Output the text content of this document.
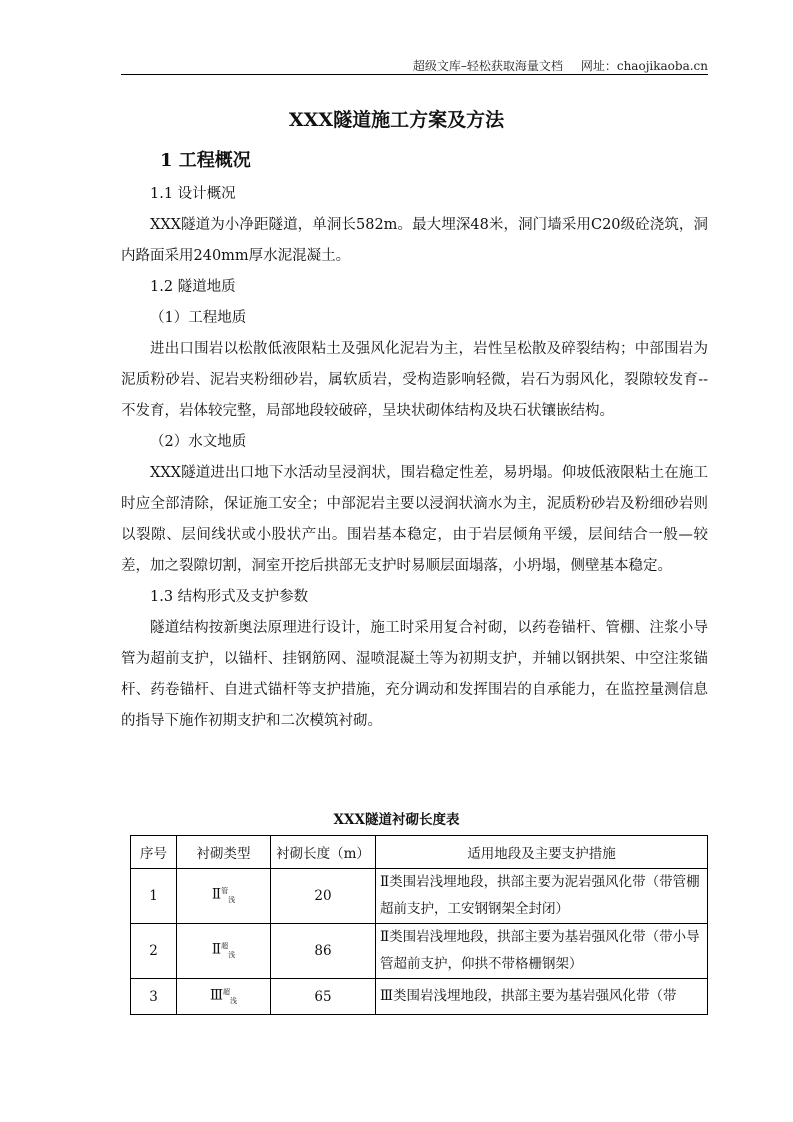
超级文库–轻松获取海量文档 网址：chaojikaoba.cn
XXX隧道施工方案及方法
1 工程概况

1.1 设计概况

XXX隧道为小净距隧道，单洞长582m。最大埋深48米，洞门墙采用C20级砼浇筑，洞内路面采用240mm厚水泥混凝土。

1.2 隧道地质

（1）工程地质

进出口围岩以松散低液限粘土及强风化泥岩为主，岩性呈松散及碎裂结构；中部围岩为泥质粉砂岩、泥岩夹粉细砂岩，属软质岩，受构造影响轻微，岩石为弱风化，裂隙较发育--不发育，岩体较完整，局部地段较破碎，呈块状砌体结构及块石状镶嵌结构。

（2）水文地质

XXX隧道进出口地下水活动呈浸润状，围岩稳定性差，易坍塌。仰坡低液限粘土在施工时应全部清除，保证施工安全；中部泥岩主要以浸润状滴水为主，泥质粉砂岩及粉细砂岩则以裂隙、层间线状或小股状产出。围岩基本稳定，由于岩层倾角平缓，层间结合一般—较差，加之裂隙切割，洞室开挖后拱部无支护时易顺层面塌落，小坍塌，侧壁基本稳定。

1.3 结构形式及支护参数

隧道结构按新奥法原理进行设计，施工时采用复合衬砌，以药卷锚杆、管棚、注浆小导管为超前支护，以锚杆、挂钢筋网、湿喷混凝土等为初期支护，并辅以钢拱架、中空注浆锚杆、药卷锚杆、自进式锚杆等支护措施，充分调动和发挥围岩的自承能力，在监控量测信息的指导下施作初期支护和二次模筑衬砌。

XXX隧道衬砌长度表
序号	衬砌类型	衬砌长度（m）	适用地段及主要支护措施
1	Ⅱ$^管_浅$	20	Ⅱ类围岩浅埋地段，拱部主要为泥岩强风化带（带管棚超前支护，工安钢钢架全封闭）
2	Ⅱ$^超_浅$	86	Ⅱ类围岩浅埋地段，拱部主要为基岩强风化带（带小导管超前支护，仰拱不带格栅钢架）
3	Ⅲ$^超_浅$	65	Ⅲ类围岩浅埋地段，拱部主要为基岩强风化带（带
